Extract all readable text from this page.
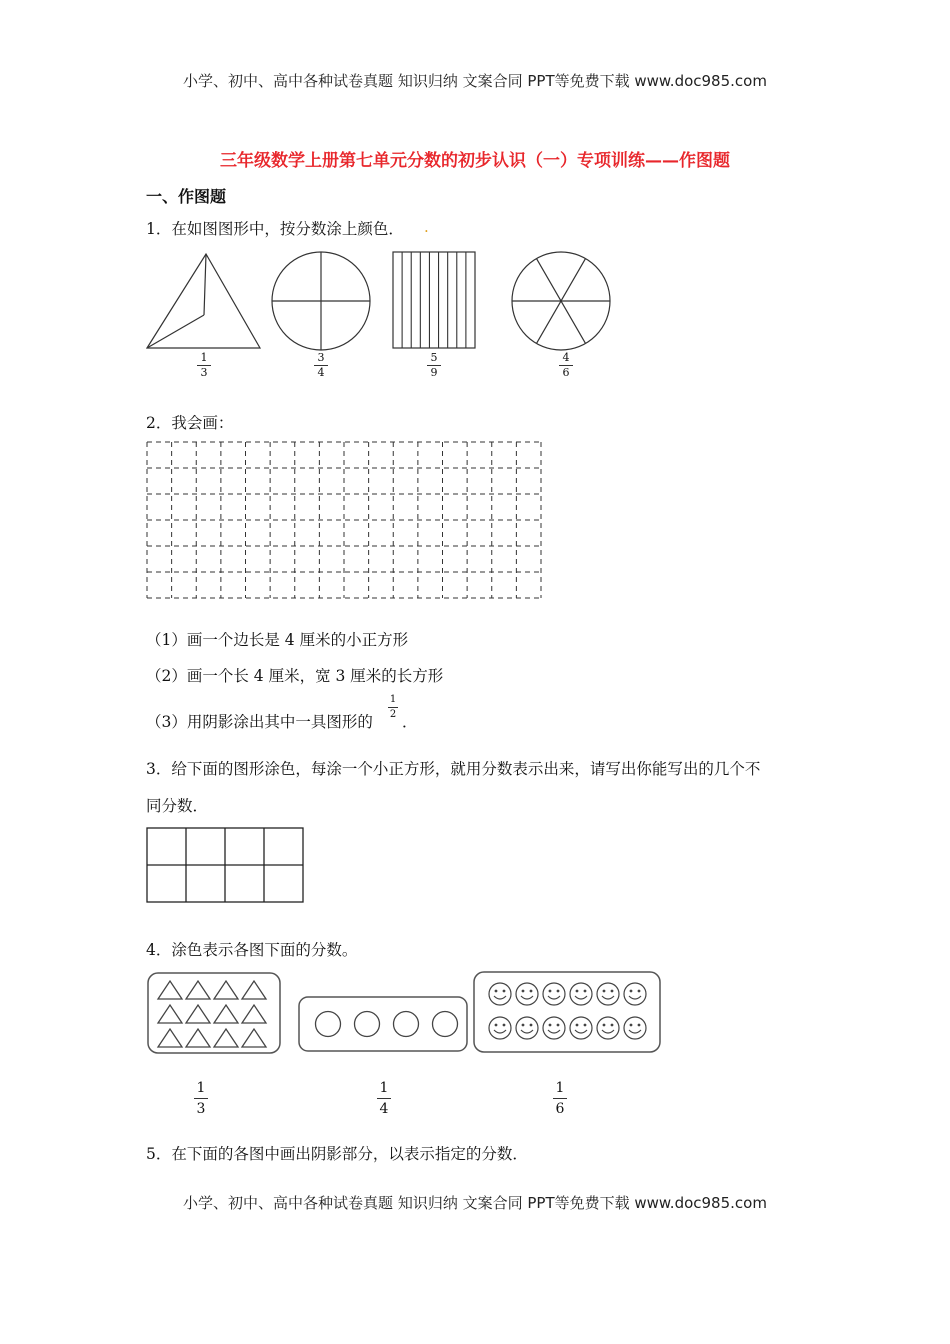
小学、初中、高中各种试卷真题 知识归纳 文案合同 PPT等免费下载 www.doc985.com
三年级数学上册第七单元分数的初步认识（一）专项训练——作图题
一、作图题
1．在如图图形中，按分数涂上颜色． .
1
3
3
4
5
9
4
6
2．我会画：
（1）画一个边长是 4 厘米的小正方形
（2）画一个长 4 厘米，宽 3 厘米的长方形
（3）用阴影涂出其中一具图形的
1
2 ．
3．给下面的图形涂色，每涂一个小正方形，就用分数表示出来，请写出你能写出的几个不
同分数．
4．涂色表示各图下面的分数。
1
3
1
4
1
6
5．在下面的各图中画出阴影部分，以表示指定的分数．
小学、初中、高中各种试卷真题 知识归纳 文案合同 PPT等免费下载 www.doc985.com
